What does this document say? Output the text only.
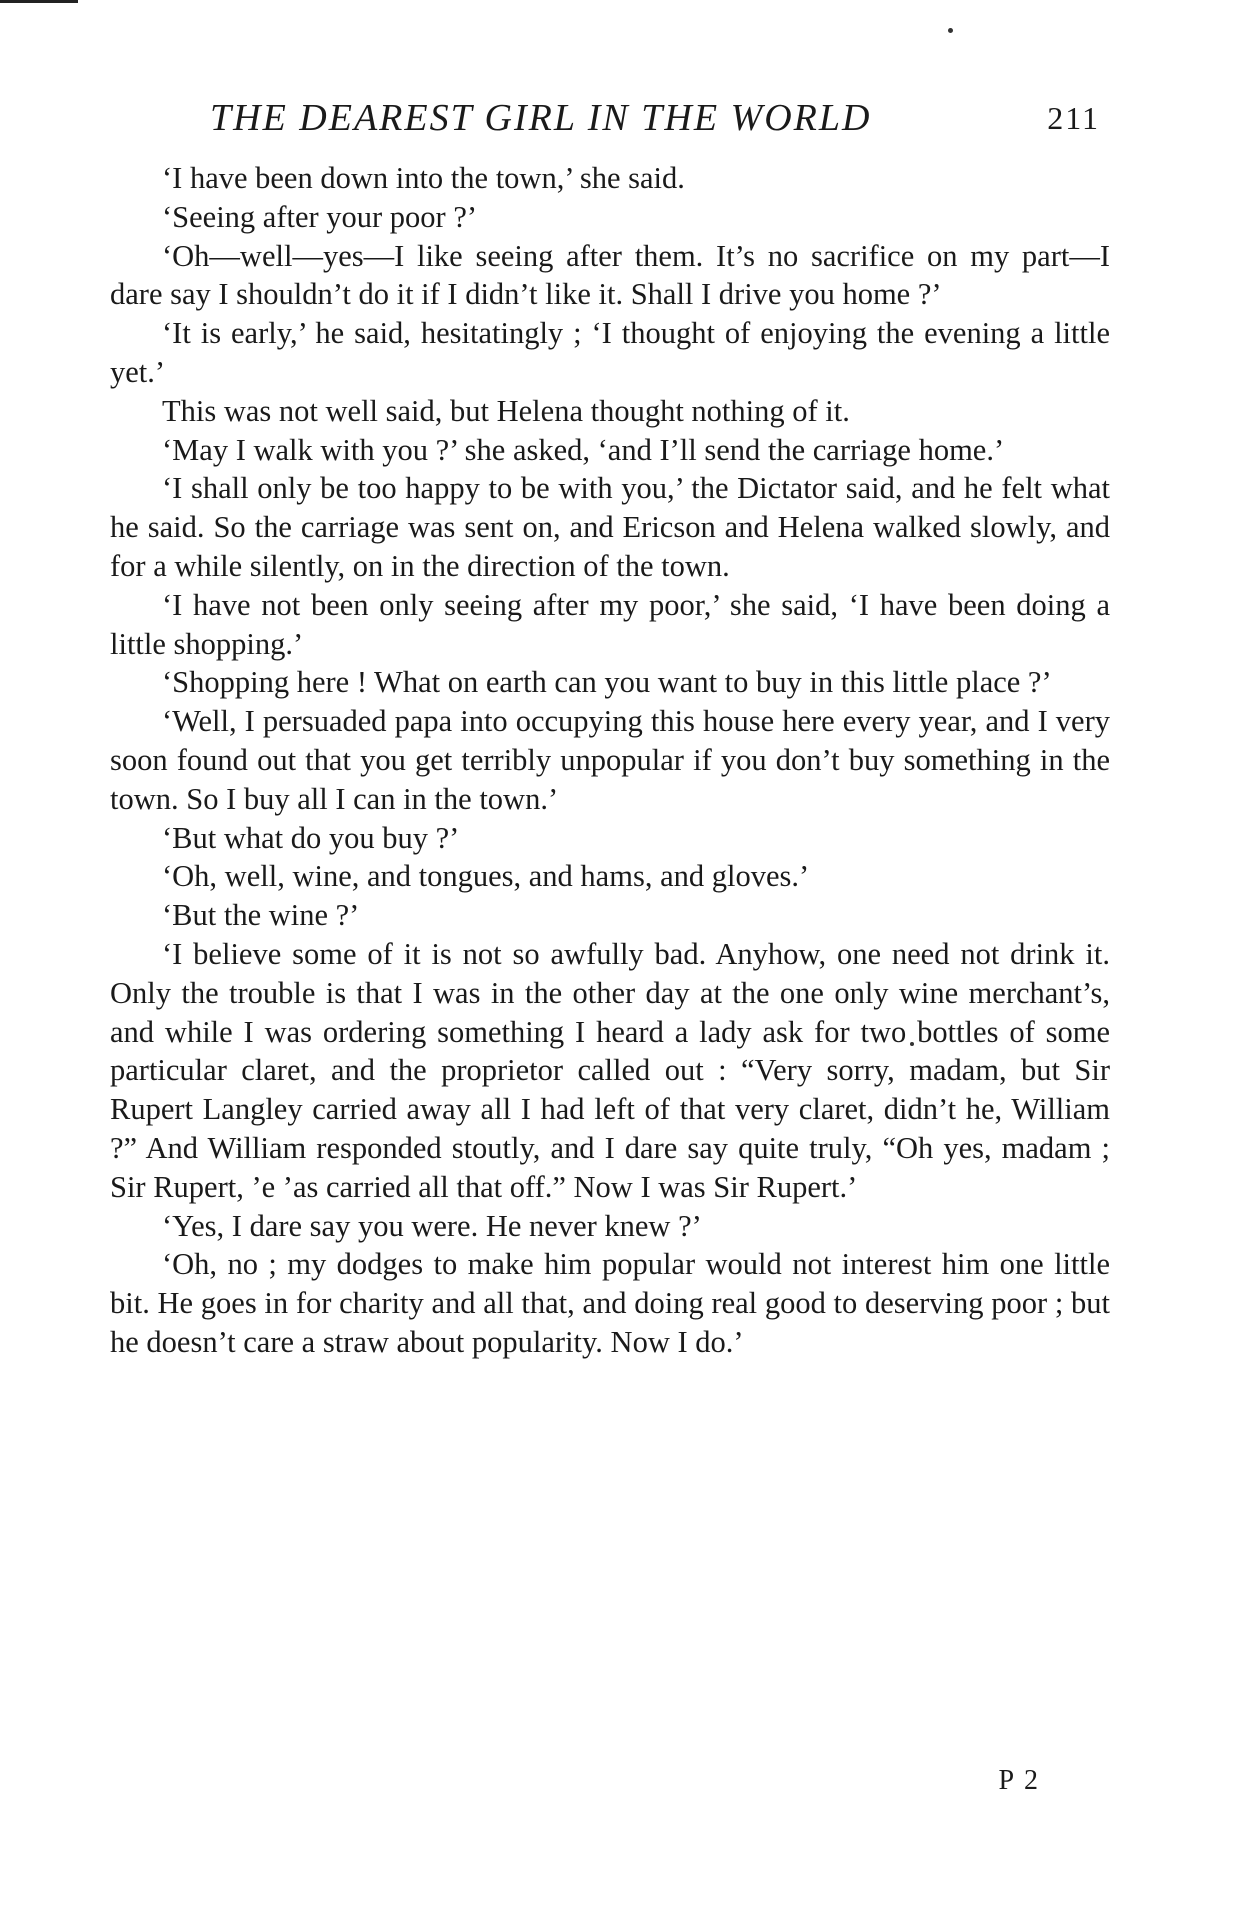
THE DEAREST GIRL IN THE WORLD	211

‘I have been down into the town,’ she said.

‘Seeing after your poor ?’

‘Oh—well—yes—I like seeing after them. It’s no sacrifice on my part—I dare say I shouldn’t do it if I didn’t like it. Shall I drive you home ?’

‘It is early,’ he said, hesitatingly ; ‘I thought of enjoying the evening a little yet.’

This was not well said, but Helena thought nothing of it.

‘May I walk with you ?’ she asked, ‘and I’ll send the carriage home.’

‘I shall only be too happy to be with you,’ the Dictator said, and he felt what he said. So the carriage was sent on, and Ericson and Helena walked slowly, and for a while silently, on in the direction of the town.

‘I have not been only seeing after my poor,’ she said, ‘I have been doing a little shopping.’

‘Shopping here ! What on earth can you want to buy in this little place ?’

‘Well, I persuaded papa into occupying this house here every year, and I very soon found out that you get terribly unpopular if you don’t buy something in the town. So I buy all I can in the town.’

‘But what do you buy ?’

‘Oh, well, wine, and tongues, and hams, and gloves.’

‘But the wine ?’

‘I believe some of it is not so awfully bad. Anyhow, one need not drink it. Only the trouble is that I was in the other day at the one only wine merchant’s, and while I was ordering something I heard a lady ask for two bottles of some particular claret, and the proprietor called out : “Very sorry, madam, but Sir Rupert Langley carried away all I had left of that very claret, didn’t he, William ?” And William responded stoutly, and I dare say quite truly, “Oh yes, madam ; Sir Rupert, ’e ’as carried all that off.” Now I was Sir Rupert.’

‘Yes, I dare say you were. He never knew ?’

‘Oh, no ; my dodges to make him popular would not interest him one little bit. He goes in for charity and all that, and doing real good to deserving poor ; but he doesn’t care a straw about popularity. Now I do.’

P 2
